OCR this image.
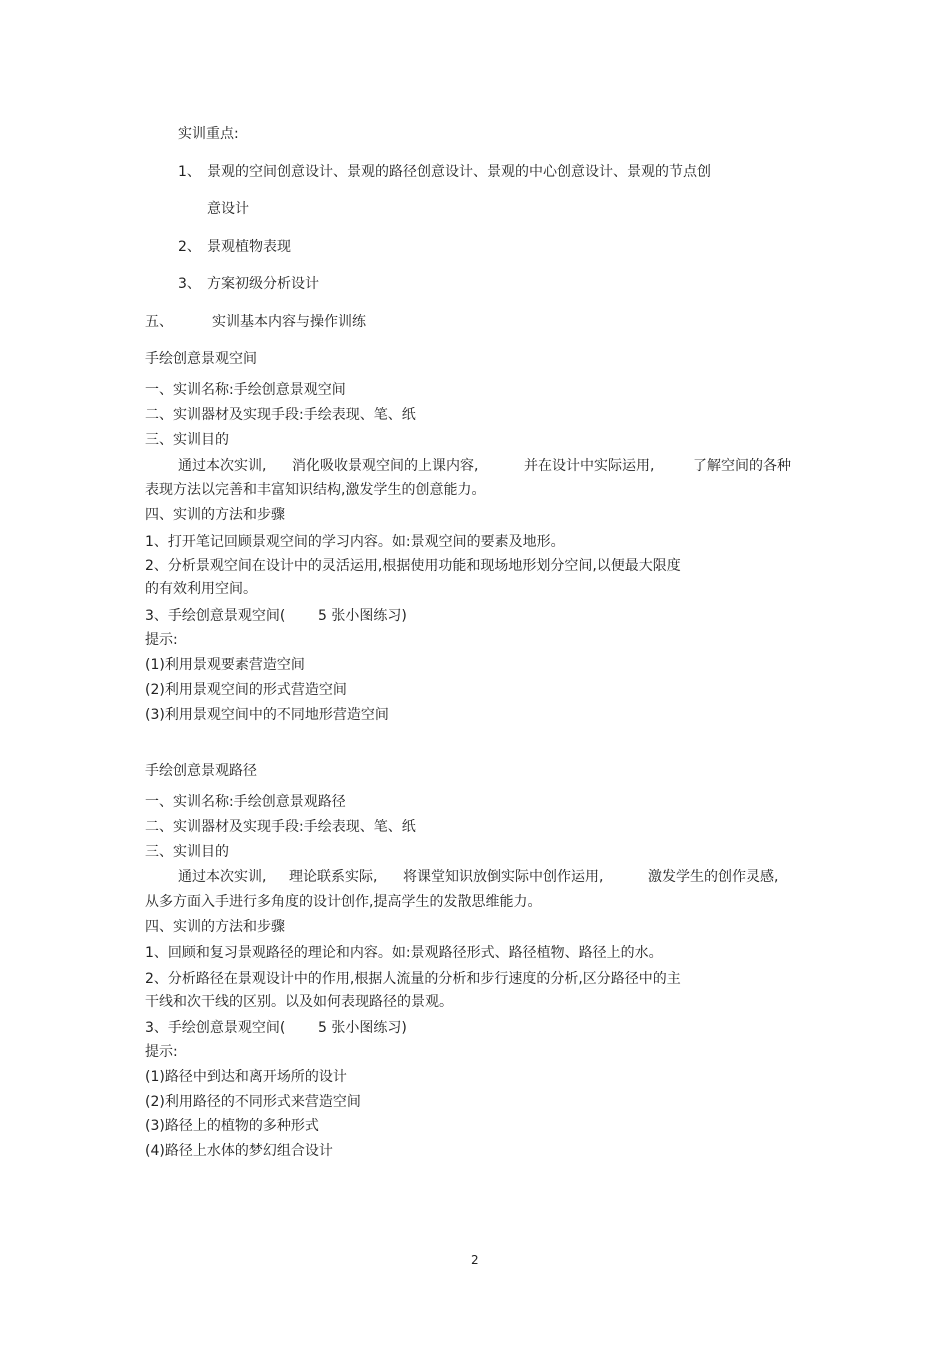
实训重点:
1、 景观的空间创意设计、景观的路径创意设计、景观的中心创意设计、景观的节点创
意设计
2、 景观植物表现
3、 方案初级分析设计
五、	实训基本内容与操作训练
手绘创意景观空间
一、实训名称:手绘创意景观空间
二、实训器材及实现手段:手绘表现、笔、纸
三、实训目的
通过本次实训, 消化吸收景观空间的上课内容,	并在设计中实际运用,	了解空间的各种
表现方法以完善和丰富知识结构,激发学生的创意能力。
四、实训的方法和步骤
1、打开笔记回顾景观空间的学习内容。如:景观空间的要素及地形。
2、分析景观空间在设计中的灵活运用,根据使用功能和现场地形划分空间,以便最大限度
的有效利用空间。
3、手绘创意景观空间( 5 张小图练习)
提示:
(1)利用景观要素营造空间
(2)利用景观空间的形式营造空间
(3)利用景观空间中的不同地形营造空间
手绘创意景观路径
一、实训名称:手绘创意景观路径
二、实训器材及实现手段:手绘表现、笔、纸
三、实训目的
通过本次实训, 理论联系实际, 将课堂知识放倒实际中创作运用,	激发学生的创作灵感,
从多方面入手进行多角度的设计创作,提高学生的发散思维能力。
四、实训的方法和步骤
1、回顾和复习景观路径的理论和内容。如:景观路径形式、路径植物、路径上的水。
2、分析路径在景观设计中的作用,根据人流量的分析和步行速度的分析,区分路径中的主
干线和次干线的区别。以及如何表现路径的景观。
3、手绘创意景观空间( 5 张小图练习)
提示:
(1)路径中到达和离开场所的设计
(2)利用路径的不同形式来营造空间
(3)路径上的植物的多种形式
(4)路径上水体的梦幻组合设计
2
